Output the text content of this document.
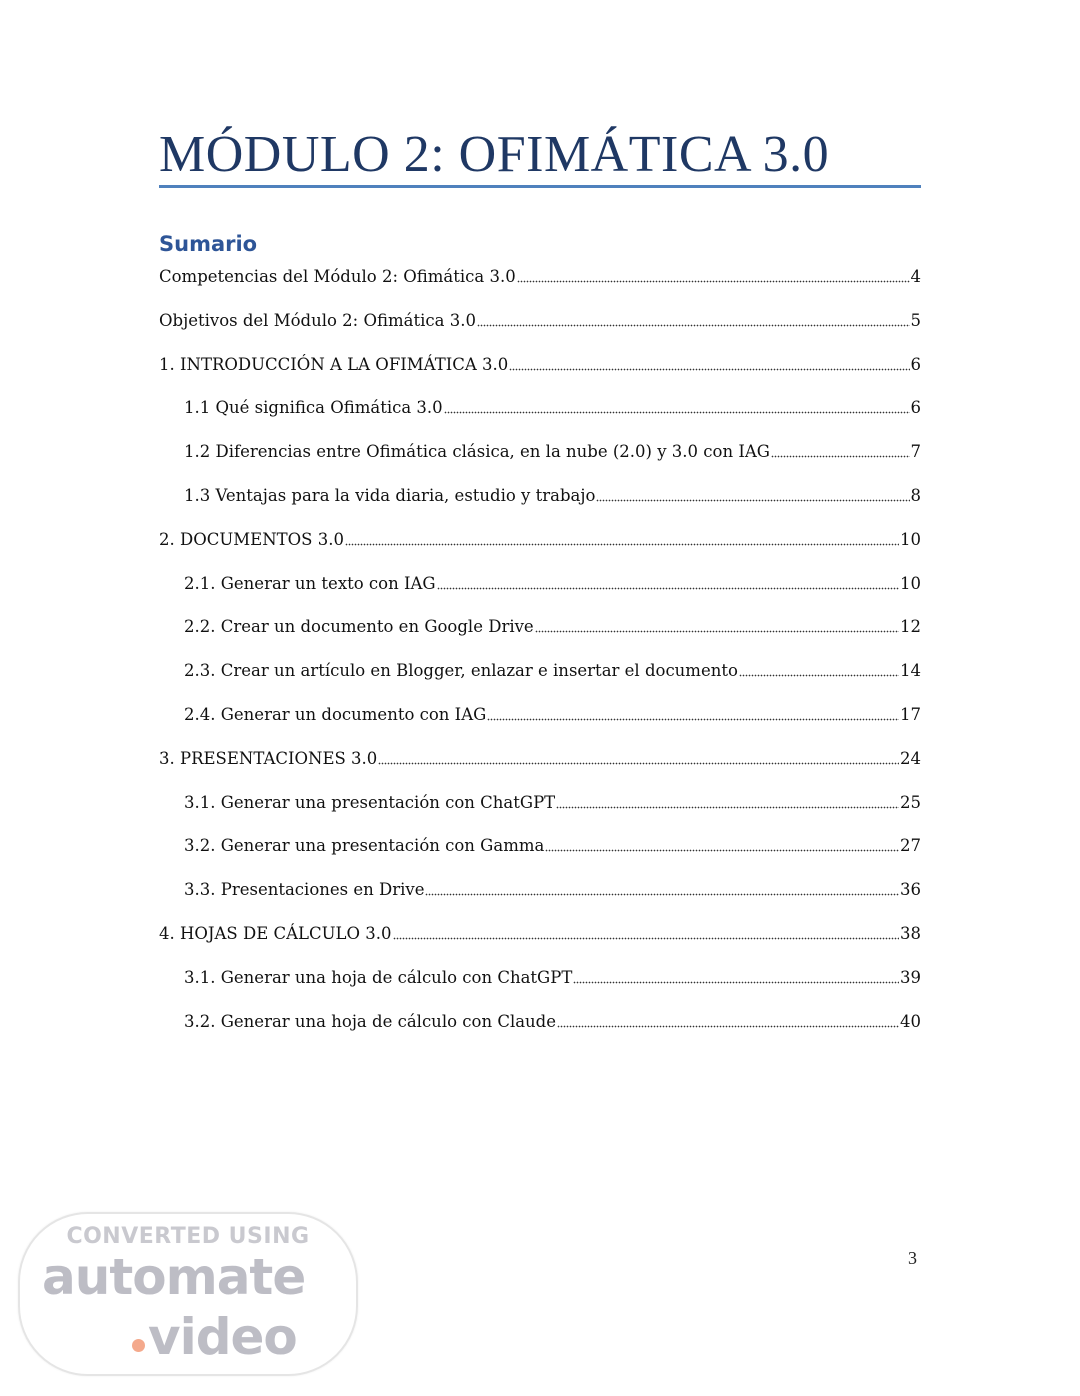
MÓDULO 2: OFIMÁTICA 3.0
Sumario
Competencias del Módulo 2: Ofimática 3.0	4
Objetivos del Módulo 2: Ofimática 3.0	5
1. INTRODUCCIÓN A LA OFIMÁTICA 3.0	6
1.1 Qué significa Ofimática 3.0	6
1.2 Diferencias entre Ofimática clásica, en la nube (2.0) y 3.0 con IAG	7
1.3 Ventajas para la vida diaria, estudio y trabajo	8
2. DOCUMENTOS 3.0	10
2.1. Generar un texto con IAG	10
2.2. Crear un documento en Google Drive	12
2.3. Crear un artículo en Blogger, enlazar e insertar el documento	14
2.4. Generar un documento con IAG	17
3. PRESENTACIONES 3.0	24
3.1. Generar una presentación con ChatGPT	25
3.2. Generar una presentación con Gamma	27
3.3. Presentaciones en Drive	36
4. HOJAS DE CÁLCULO 3.0	38
3.1. Generar una hoja de cálculo con ChatGPT	39
3.2. Generar una hoja de cálculo con Claude	40
3
CONVERTED USING
automate
video
